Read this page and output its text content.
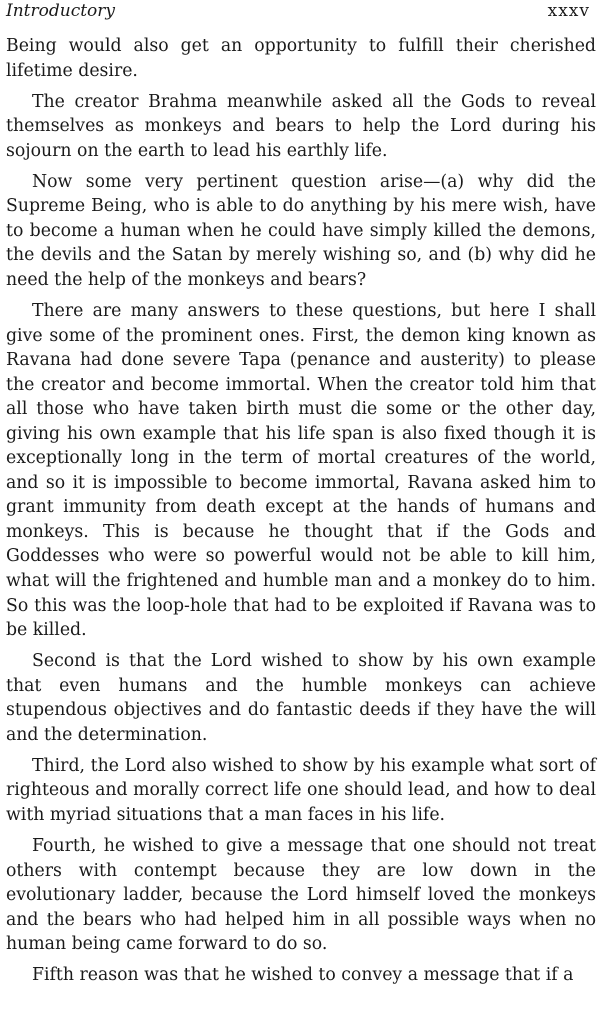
Introductory	xxxv

Being would also get an opportunity to fulfill their cherished lifetime desire.

The creator Brahma meanwhile asked all the Gods to reveal themselves as monkeys and bears to help the Lord during his sojourn on the earth to lead his earthly life.

Now some very pertinent question arise—(a) why did the Supreme Being, who is able to do anything by his mere wish, have to become a human when he could have simply killed the demons, the devils and the Satan by merely wishing so, and (b) why did he need the help of the monkeys and bears?

There are many answers to these questions, but here I shall give some of the prominent ones. First, the demon king known as Ravana had done severe Tapa (penance and austerity) to please the creator and become immortal. When the creator told him that all those who have taken birth must die some or the other day, giving his own example that his life span is also fixed though it is exceptionally long in the term of mortal creatures of the world, and so it is impossible to become immortal, Ravana asked him to grant immunity from death except at the hands of humans and monkeys. This is because he thought that if the Gods and Goddesses who were so powerful would not be able to kill him, what will the frightened and humble man and a monkey do to him. So this was the loop-hole that had to be exploited if Ravana was to be killed.

Second is that the Lord wished to show by his own example that even humans and the humble monkeys can achieve stupendous objectives and do fantastic deeds if they have the will and the determination.

Third, the Lord also wished to show by his example what sort of righteous and morally correct life one should lead, and how to deal with myriad situations that a man faces in his life.

Fourth, he wished to give a message that one should not treat others with contempt because they are low down in the evolutionary ladder, because the Lord himself loved the monkeys and the bears who had helped him in all possible ways when no human being came forward to do so.

Fifth reason was that he wished to convey a message that if a
